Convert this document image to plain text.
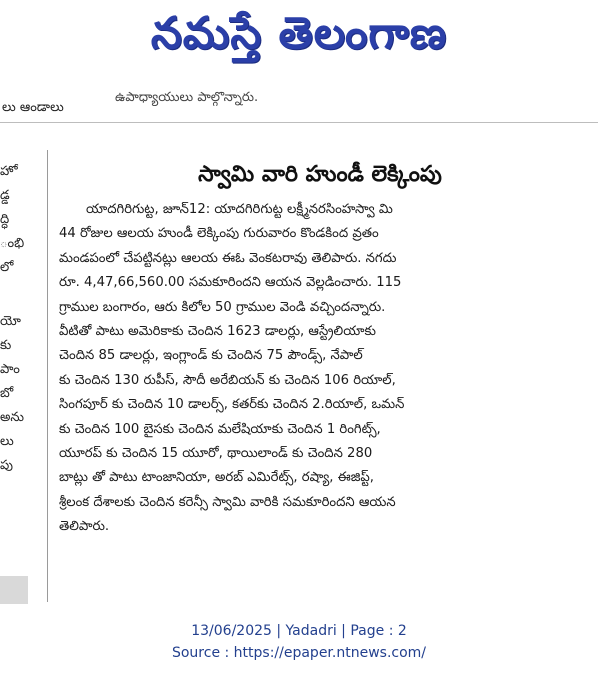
నమస్తే తెలంగాణ
లు ఆండాలు
ఉపాధ్యాయులు పాల్గొన్నారు.
హో
డ్డ
ద్ధి
ంభి
లో
యో
కు
పాం
బో
అను
లు
పు
స్వామి వారి హుండీ లెక్కింపు
యాదగిరిగుట్ట, జూన్12: యాదగిరిగుట్ట లక్ష్మీనరసింహస్వా మి
44 రోజుల ఆలయ హుండీ లెక్కింపు గురువారం కొండకింద వ్రతం
మండపంలో చేపట్టినట్లు ఆలయ ఈఓ వెంకటరావు తెలిపారు. నగదు
రూ. 4,47,66,560.00 సమకూరిందని ఆయన వెల్లడించారు. 115
గ్రాముల బంగారం, ఆరు కిలోల 50 గ్రాముల వెండి వచ్చిందన్నారు.
వీటితో పాటు అమెరికాకు చెందిన 1623 డాలర్లు, ఆస్ట్రేలియాకు
చెందిన 85 డాలర్లు, ఇంగ్లాండ్ కు చెందిన 75 పౌండ్స్, నేపాల్
కు చెందిన 130 రుపీస్, సౌదీ అరేబియన్ కు చెందిన 106 రియాల్,
సింగపూర్ కు చెందిన 10 డాలర్స్, కతర్‌కు చెందిన 2.రియాల్, ఒమన్
కు చెందిన 100 బైసకు చెందిన మలేషియాకు చెందిన 1 రింగిట్స్,
యూరప్ కు చెందిన 15 యూరో, థాయిలాండ్ కు చెందిన 280
బాట్లు తో పాటు టాంజానియా, అరబ్ ఎమిరేట్స్, రష్యా, ఈజిప్ట్,
శ్రీలంక దేశాలకు చెందిన కరెన్సీ స్వామి వారికి సమకూరిందని ఆయన
తెలిపారు.
13/06/2025 | Yadadri | Page : 2
Source : https://epaper.ntnews.com/
